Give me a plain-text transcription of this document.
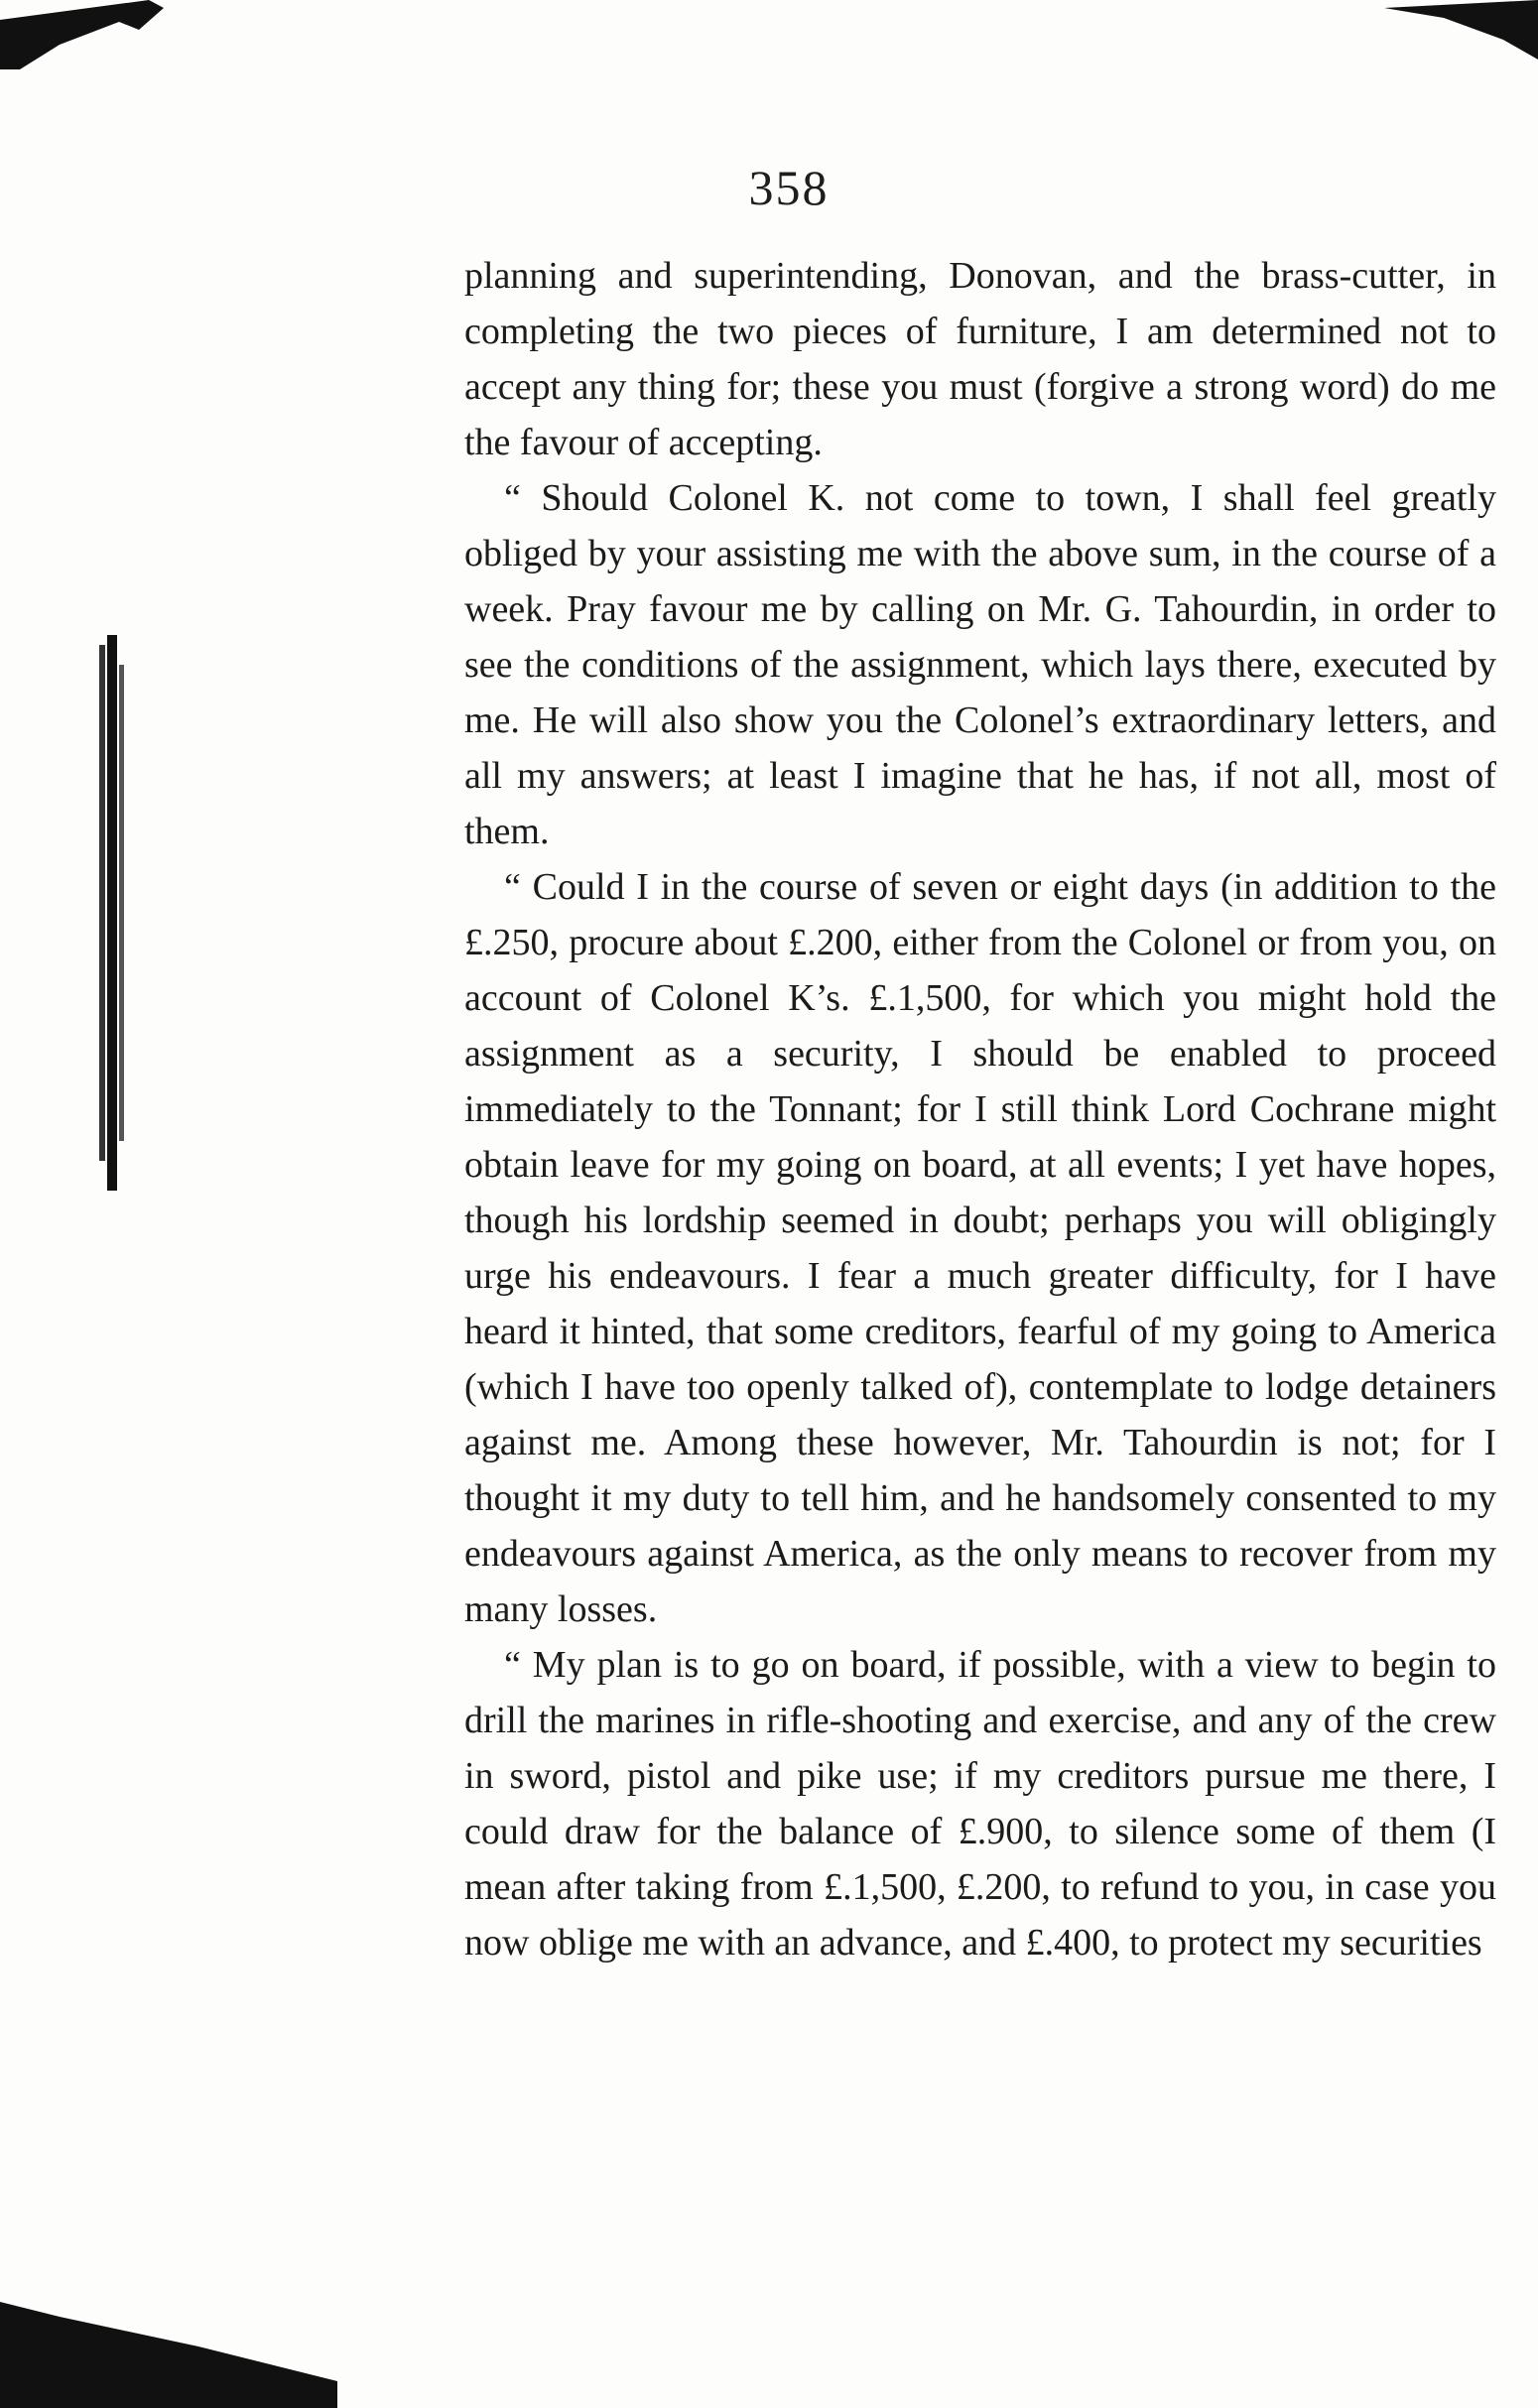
358

planning and superintending, Donovan, and the brass-cutter, in completing the two pieces of furniture, I am determined not to accept any thing for; these you must (forgive a strong word) do me the favour of accepting.

“ Should Colonel K. not come to town, I shall feel greatly obliged by your assisting me with the above sum, in the course of a week. Pray favour me by calling on Mr. G. Tahourdin, in order to see the conditions of the assignment, which lays there, executed by me. He will also show you the Colonel’s extraordinary letters, and all my answers; at least I imagine that he has, if not all, most of them.

“ Could I in the course of seven or eight days (in addition to the £.250, procure about £.200, either from the Colonel or from you, on account of Colonel K’s. £.1,500, for which you might hold the assignment as a security, I should be enabled to proceed immediately to the Tonnant; for I still think Lord Cochrane might obtain leave for my going on board, at all events; I yet have hopes, though his lordship seemed in doubt; perhaps you will obligingly urge his endeavours. I fear a much greater difficulty, for I have heard it hinted, that some creditors, fearful of my going to America (which I have too openly talked of), contemplate to lodge detainers against me. Among these however, Mr. Tahourdin is not; for I thought it my duty to tell him, and he handsomely consented to my endeavours against America, as the only means to recover from my many losses.

“ My plan is to go on board, if possible, with a view to begin to drill the marines in rifle-shooting and exercise, and any of the crew in sword, pistol and pike use; if my creditors pursue me there, I could draw for the balance of £.900, to silence some of them (I mean after taking from £.1,500, £.200, to refund to you, in case you now oblige me with an advance, and £.400, to protect my securities
